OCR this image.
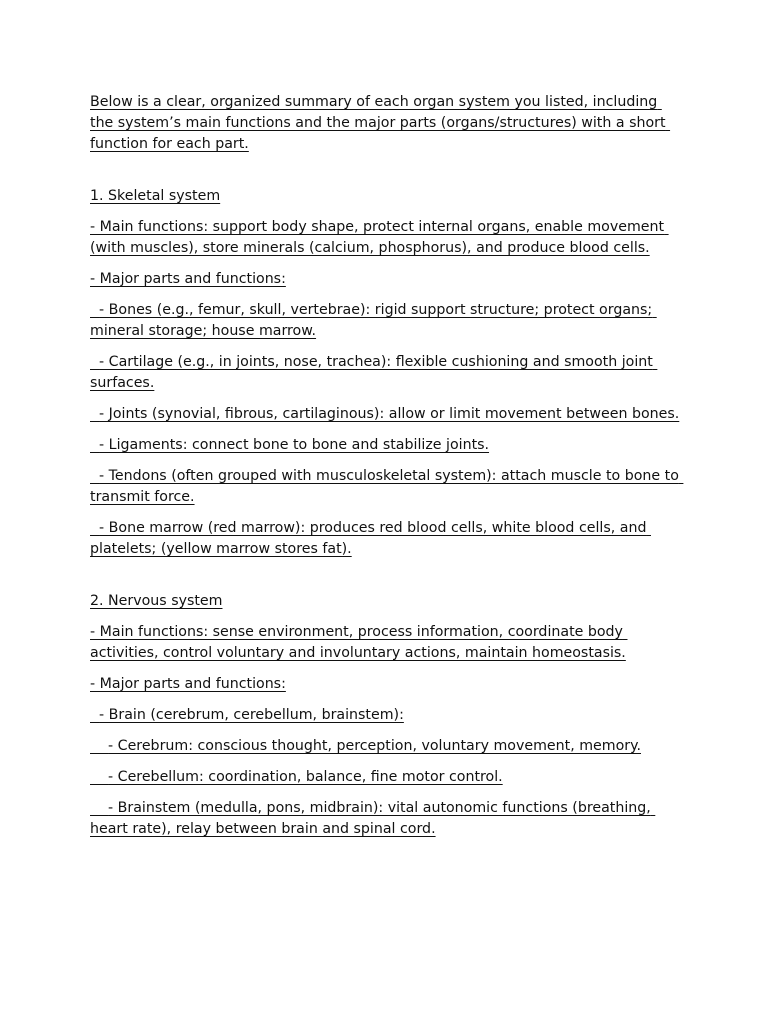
Below is a clear, organized summary of each organ system you listed, including the system’s main functions and the major parts (organs/structures) with a short function for each part.

1. Skeletal system

- Main functions: support body shape, protect internal organs, enable movement (with muscles), store minerals (calcium, phosphorus), and produce blood cells.

- Major parts and functions:

- Bones (e.g., femur, skull, vertebrae): rigid support structure; protect organs; mineral storage; house marrow.

- Cartilage (e.g., in joints, nose, trachea): flexible cushioning and smooth joint surfaces.

- Joints (synovial, fibrous, cartilaginous): allow or limit movement between bones.

- Ligaments: connect bone to bone and stabilize joints.

- Tendons (often grouped with musculoskeletal system): attach muscle to bone to transmit force.

- Bone marrow (red marrow): produces red blood cells, white blood cells, and platelets; (yellow marrow stores fat).

2. Nervous system

- Main functions: sense environment, process information, coordinate body activities, control voluntary and involuntary actions, maintain homeostasis.

- Major parts and functions:

- Brain (cerebrum, cerebellum, brainstem):

- Cerebrum: conscious thought, perception, voluntary movement, memory.

- Cerebellum: coordination, balance, fine motor control.

- Brainstem (medulla, pons, midbrain): vital autonomic functions (breathing, heart rate), relay between brain and spinal cord.
